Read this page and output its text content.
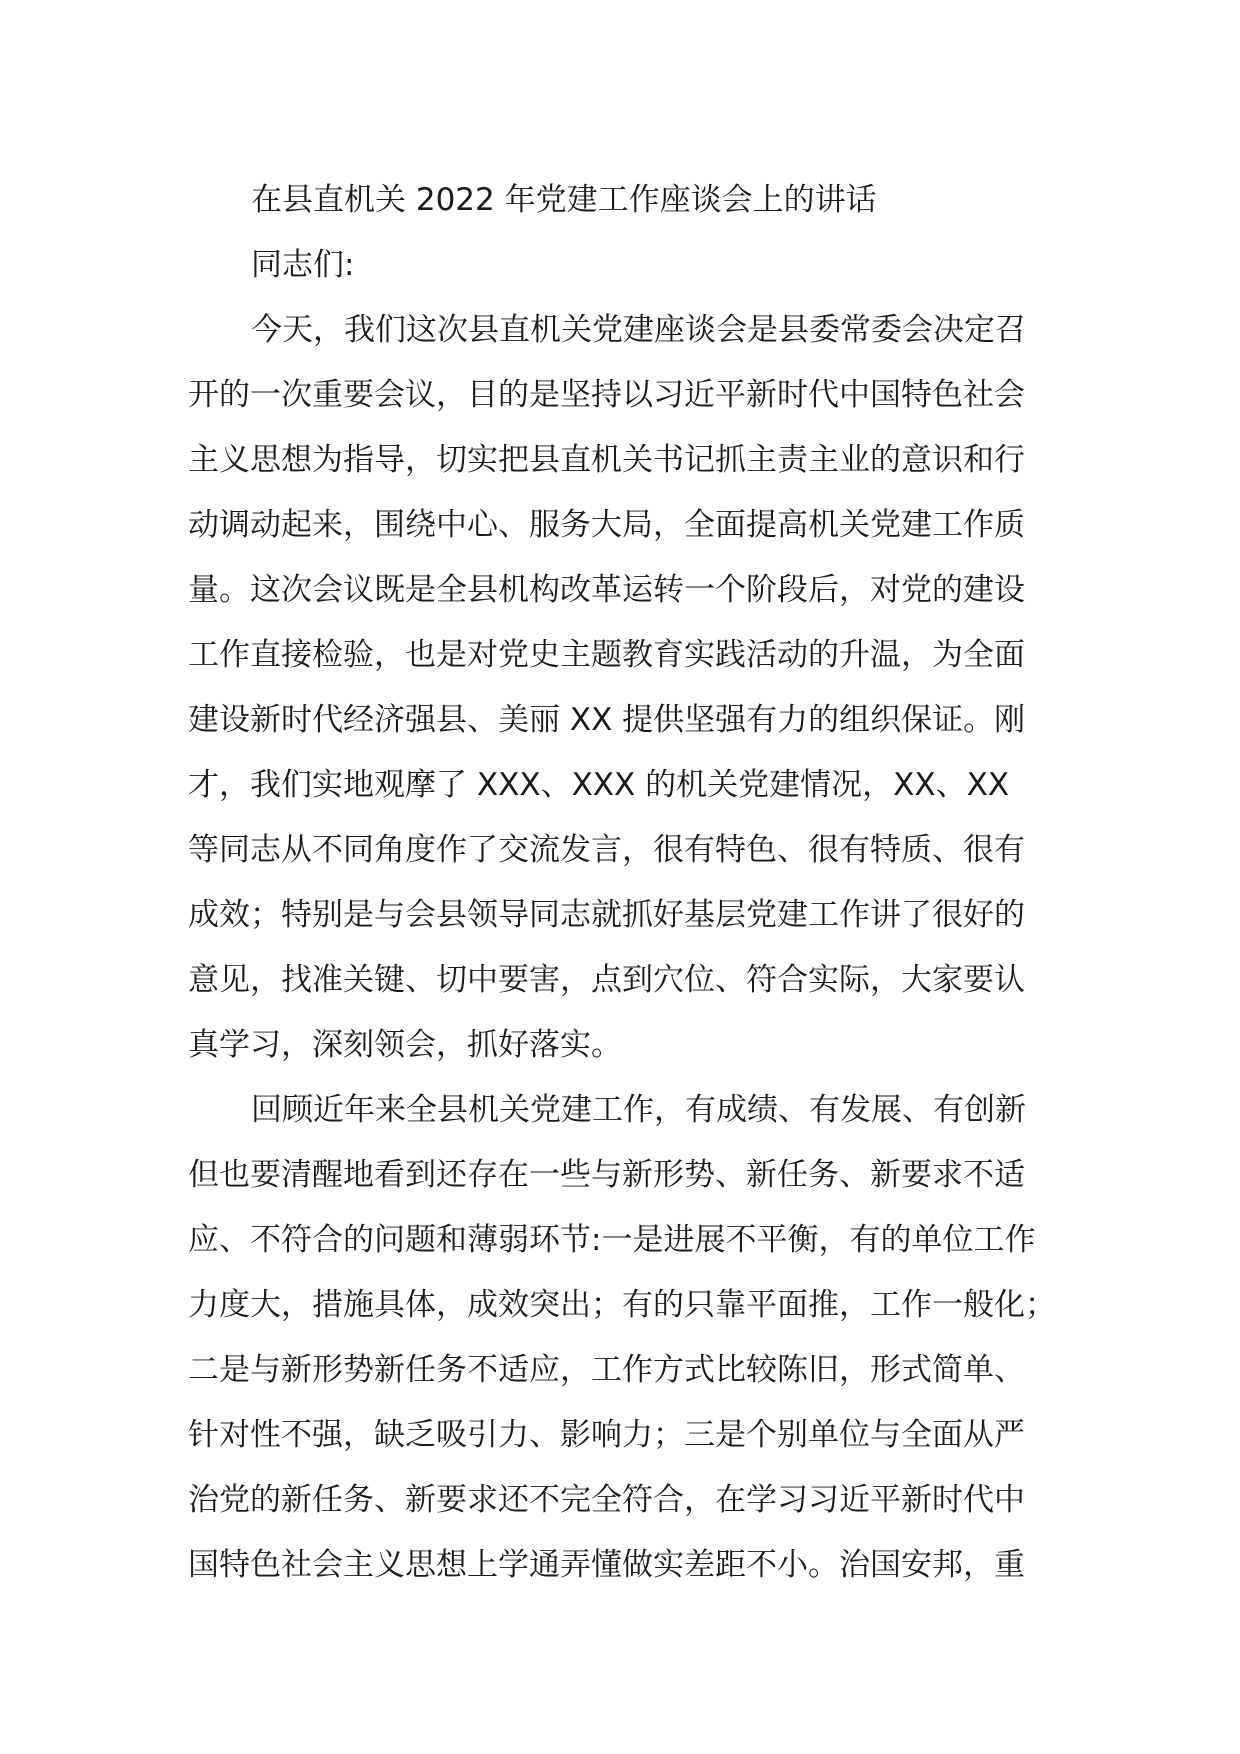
在县直机关 2022 年党建工作座谈会上的讲话
同志们:
今天，我们这次县直机关党建座谈会是县委常委会决定召
开的一次重要会议，目的是坚持以习近平新时代中国特色社会
主义思想为指导，切实把县直机关书记抓主责主业的意识和行
动调动起来，围绕中心、服务大局，全面提高机关党建工作质
量。这次会议既是全县机构改革运转一个阶段后，对党的建设
工作直接检验，也是对党史主题教育实践活动的升温，为全面
建设新时代经济强县、美丽 XX 提供坚强有力的组织保证。刚
才，我们实地观摩了 XXX、XXX 的机关党建情况，XX、XX
等同志从不同角度作了交流发言，很有特色、很有特质、很有
成效；特别是与会县领导同志就抓好基层党建工作讲了很好的
意见，找准关键、切中要害，点到穴位、符合实际，大家要认
真学习，深刻领会，抓好落实。
回顾近年来全县机关党建工作，有成绩、有发展、有创新
但也要清醒地看到还存在一些与新形势、新任务、新要求不适
应、不符合的问题和薄弱环节:一是进展不平衡，有的单位工作
力度大，措施具体，成效突出；有的只靠平面推，工作一般化；
二是与新形势新任务不适应，工作方式比较陈旧，形式简单、
针对性不强，缺乏吸引力、影响力；三是个别单位与全面从严
治党的新任务、新要求还不完全符合，在学习习近平新时代中
国特色社会主义思想上学通弄懂做实差距不小。治国安邦，重
